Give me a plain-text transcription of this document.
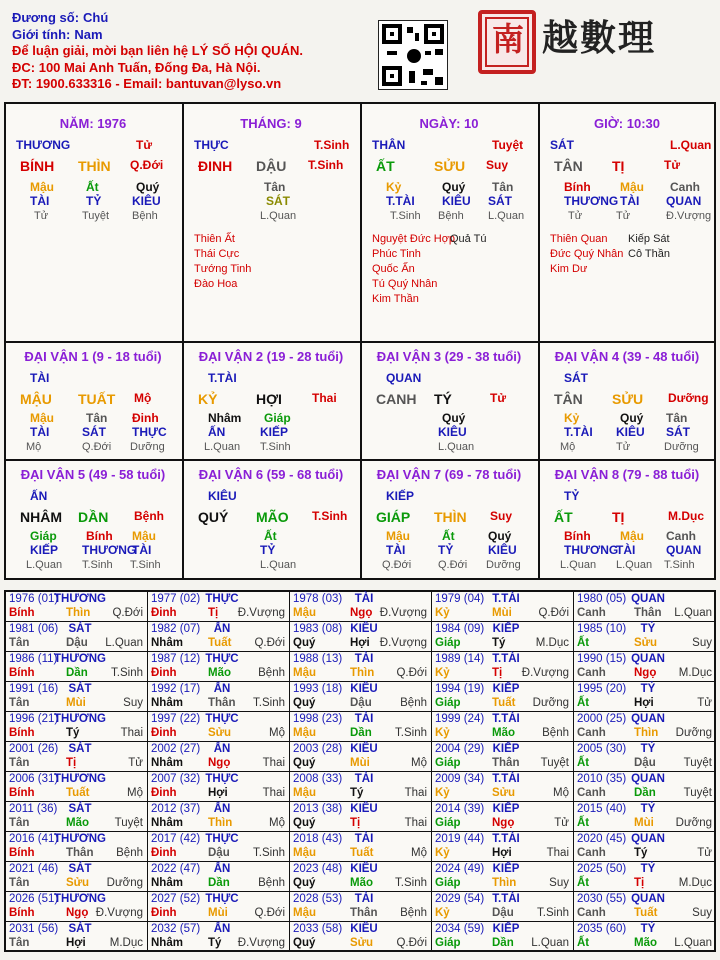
Đương số: Chú
Giới tính: Nam
Để luận giải, mời bạn liên hệ LÝ SỐ HỘI QUÁN.
ĐC: 100 Mai Anh Tuấn, Đống Đa, Hà Nội.
ĐT: 1900.633316 - Email: bantuvan@lyso.vn
南 越數理
NĂM: 1976
THƯƠNG	Tử
BÍNH THÌN Q.Đới
Mậu	Ất	Quý
TÀI	TỶ	KIÊU
Tử	Tuyệt Bệnh
THÁNG: 9
THỰC	T.Sinh
ĐINH DẬU T.Sinh
Tân
SÁT
L.Quan
Thiên Ất
Thái Cực
Tướng Tinh
Đào Hoa
NGÀY: 10
THÂN	Tuyệt
ẤT	SỬU Suy
Kỷ	Quý Tân
T.TÀI KIÊU SÁT
T.Sinh Bệnh L.Quan
Nguyệt Đức Hợp
Phúc Tinh
Quốc Ấn
Tú Quý Nhân
Kim Thần
Quả Tú
GIỜ: 10:30
SÁT	L.Quan
TÂN TỊ	Tử
Bính Mậu Canh
THƯƠNG TÀI QUAN
Tử	Tử	Đ.Vượng
Thiên Quan
Đức Quý Nhân
Kim Dư
Kiếp Sát
Cô Thần
ĐẠI VẬN 1 (9 - 18 tuổi)
TÀI
MẬU TUẤT Mộ
Mậu	Tân Đinh
TÀI	SÁT THỰC
Mộ	Q.Đới Dưỡng
ĐẠI VẬN 2 (19 - 28 tuổi)
T.TÀI
KỶ	HỢI	Thai
Nhâm Giáp
ẤN	KIẾP
L.Quan T.Sinh
ĐẠI VẬN 3 (29 - 38 tuổi)
QUAN
CANH TÝ	Tử
Quý
KIÊU
L.Quan
ĐẠI VẬN 4 (39 - 48 tuổi)
SÁT
TÂN SỬU Dưỡng
Kỷ	Quý Tân
T.TÀI KIÊU SÁT
Mộ	Tử	Dưỡng
ĐẠI VẬN 5 (49 - 58 tuổi)
ẤN
NHÂM DẦN Bệnh
Giáp Bính Mậu
KIẾP THƯƠNG
TÀI
L.Quan T.Sinh T.Sinh
ĐẠI VẬN 6 (59 - 68 tuổi)
KIÊU
QUÝ MÃO T.Sinh
Ất
TỶ
L.Quan
ĐẠI VẬN 7 (69 - 78 tuổi)
KIẾP
GIÁP THÌN Suy
Mậu	Ất	Quý
TÀI	TỶ	KIÊU
Q.Đới Q.Đới Dưỡng
ĐẠI VẬN 8 (79 - 88 tuổi)
TỶ
ẤT	TỊ	M.Dục
Bính Mậu Canh
THƯƠNG
TÀI	QUAN
L.Quan L.Quan T.Sinh
1976 (01)
THƯƠNG
Bính	Thìn Q.Đới
1977 (02) THỰC
Đinh	Tị Đ.Vượng
1978 (03) TÀI
Mậu	Ngọ Đ.Vượng
1979 (04) T.TÀI
Kỷ	Mùi Q.Đới
1980 (05) QUAN
Canh Thân L.Quan
1981 (06) SÁT
Tân	Dậu L.Quan
1982 (07) ẤN
Nhâm Tuất Q.Đới
1983 (08) KIÊU
Quý	Hợi Đ.Vượng
1984 (09) KIẾP
Giáp	Tý	M.Dục
1985 (10) TỶ
Ất	Sửu	Suy
1986 (11)
THƯƠNG
Bính	Dần T.Sinh
1987 (12) THỰC
Đinh	Mão Bệnh
1988 (13) TÀI
Mậu	Thìn Q.Đới
1989 (14) T.TÀI
Kỷ	Tị Đ.Vượng
1990 (15) QUAN
Canh Ngọ M.Dục
1991 (16) SÁT
Tân	Mùi	Suy
1992 (17) ẤN
Nhâm Thân T.Sinh
1993 (18) KIÊU
Quý	Dậu Bệnh
1994 (19) KIẾP
Giáp	Tuất Dưỡng
1995 (20) TỶ
Ất	Hợi	Tử
1996 (21)
THƯƠNG
Bính	Tý	Thai
1997 (22) THỰC
Đinh	Sửu	Mộ
1998 (23) TÀI
Mậu	Dần T.Sinh
1999 (24) T.TÀI
Kỷ	Mão Bệnh
2000 (25) QUAN
Canh Thìn Dưỡng
2001 (26) SÁT
Tân	Tị	Tử
2002 (27) ẤN
Nhâm Ngọ	Thai
2003 (28) KIÊU
Quý	Mùi	Mộ
2004 (29) KIẾP
Giáp	Thân Tuyệt
2005 (30) TỶ
Ất	Dậu Tuyệt
2006 (31)
THƯƠNG
Bính	Tuất	Mộ
2007 (32) THỰC
Đinh	Hợi	Thai
2008 (33) TÀI
Mậu	Tý	Thai
2009 (34) T.TÀI
Kỷ	Sửu	Mộ
2010 (35) QUAN
Canh Dần Tuyệt
2011 (36) SÁT
Tân	Mão Tuyệt
2012 (37) ẤN
Nhâm Thìn	Mộ
2013 (38) KIÊU
Quý	Tị	Thai
2014 (39) KIẾP
Giáp	Ngọ	Tử
2015 (40) TỶ
Ất	Mùi Dưỡng
2016 (41)
THƯƠNG
Bính	Thân Bệnh
2017 (42) THỰC
Đinh	Dậu T.Sinh
2018 (43) TÀI
Mậu	Tuất	Mộ
2019 (44) T.TÀI
Kỷ	Hợi	Thai
2020 (45) QUAN
Canh Tý	Tử
2021 (46) SÁT
Tân	Sửu Dưỡng
2022 (47) ẤN
Nhâm Dần Bệnh
2023 (48) KIÊU
Quý	Mão T.Sinh
2024 (49) KIẾP
Giáp	Thìn	Suy
2025 (50) TỶ
Ất	Tị	M.Dục
2026 (51)
THƯƠNG
Bính	Ngọ Đ.Vượng
2027 (52) THỰC
Đinh	Mùi Q.Đới
2028 (53) TÀI
Mậu	Thân Bệnh
2029 (54) T.TÀI
Kỷ	Dậu T.Sinh
2030 (55) QUAN
Canh Tuất	Suy
2031 (56) SÁT
Tân	Hợi M.Dục
2032 (57) ẤN
Nhâm Tý Đ.Vượng
2033 (58) KIÊU
Quý	Sửu Q.Đới
2034 (59) KIẾP
Giáp	Dần L.Quan
2035 (60) TỶ
Ất	Mão L.Quan
